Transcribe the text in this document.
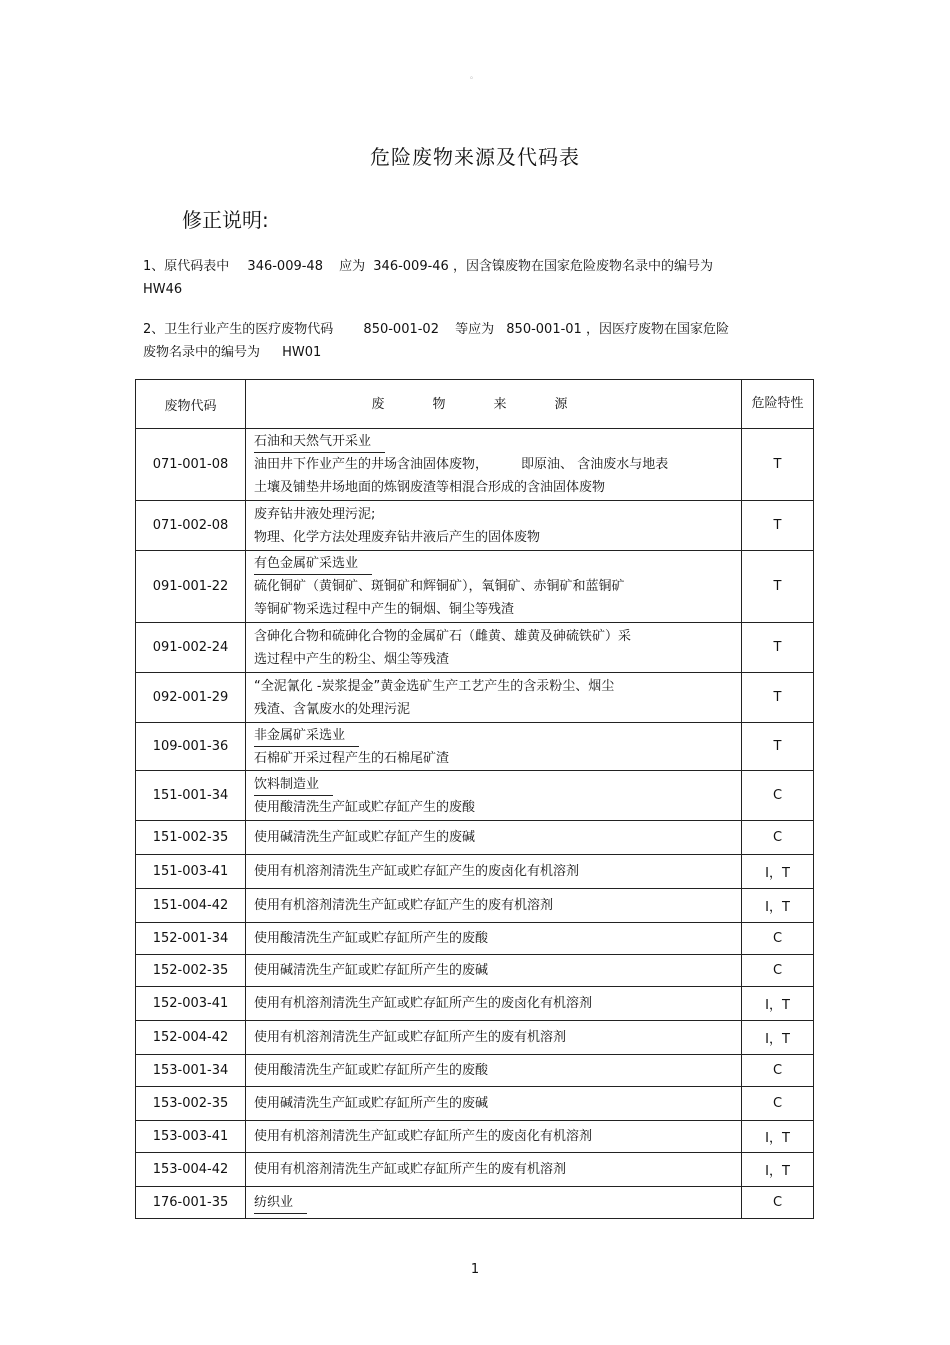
。
危险废物来源及代码表
修正说明:
1、原代码表中 346-009-48 应为 346-009-46 ，因含镍废物在国家危险废物名录中的编号为
HW46
2、卫生行业产生的医疗废物代码 850-001-02 等应为 850-001-01 ，因医疗废物在国家危险
废物名录中的编号为 HW01
废物代码	废物来源	危险特性
071-001-08	石油和天然气开采业
油田井下作业产生的井场含油固体废物，        即原油、 含油废水与地表
土壤及铺垫井场地面的炼钢废渣等相混合形成的含油固体废物	T
071-002-08	废弃钻井液处理污泥;
物理、化学方法处理废弃钻井液后产生的固体废物	T
091-001-22	有色金属矿采选业
硫化铜矿（黄铜矿、斑铜矿和辉铜矿），氧铜矿、赤铜矿和蓝铜矿
等铜矿物采选过程中产生的铜烟、铜尘等残渣	T
091-002-24	含砷化合物和硫砷化合物的金属矿石（雌黄、雄黄及砷硫铁矿）采
选过程中产生的粉尘、烟尘等残渣	T
092-001-29	“全泥氰化 -炭浆提金”黄金选矿生产工艺产生的含汞粉尘、烟尘
残渣、含氰废水的处理污泥	T
109-001-36	非金属矿采选业
石棉矿开采过程产生的石棉尾矿渣	T
151-001-34	饮料制造业
使用酸清洗生产缸或贮存缸产生的废酸	C
151-002-35	使用碱清洗生产缸或贮存缸产生的废碱	C
151-003-41	使用有机溶剂清洗生产缸或贮存缸产生的废卤化有机溶剂	I，T
151-004-42	使用有机溶剂清洗生产缸或贮存缸产生的废有机溶剂	I，T
152-001-34	使用酸清洗生产缸或贮存缸所产生的废酸	C
152-002-35	使用碱清洗生产缸或贮存缸所产生的废碱	C
152-003-41	使用有机溶剂清洗生产缸或贮存缸所产生的废卤化有机溶剂	I，T
152-004-42	使用有机溶剂清洗生产缸或贮存缸所产生的废有机溶剂	I，T
153-001-34	使用酸清洗生产缸或贮存缸所产生的废酸	C
153-002-35	使用碱清洗生产缸或贮存缸所产生的废碱	C
153-003-41	使用有机溶剂清洗生产缸或贮存缸所产生的废卤化有机溶剂	I，T
153-004-42	使用有机溶剂清洗生产缸或贮存缸所产生的废有机溶剂	I，T
176-001-35	纺织业	C
1
